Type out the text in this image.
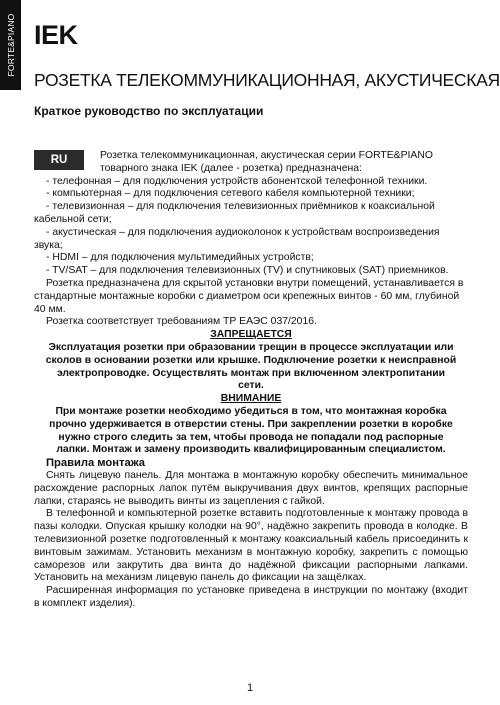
FORTE&PIANO IEK
РОЗЕТКА ТЕЛЕКОММУНИКАЦИОННАЯ, АКУСТИЧЕСКАЯ
Краткое руководство по эксплуатации
RU	Розетка телекоммуникационная, акустическая серии FORTE&PIANO товарного знака IEK (далее - розетка) предназначена:

- телефонная – для подключения устройств абонентской телефонной техники.

- компьютерная – для подключения сетевого кабеля компьютерной техники;

- телевизионная – для подключения телевизионных приёмников к коаксиальной кабельной сети;

- акустическая – для подключения аудиоколонок к устройствам воспроизведения звука;

- HDMI – для подключения мультимедийных устройств;

- TV/SAT – для подключения телевизионных (TV) и спутниковых (SAT) приемников.

Розетка предназначена для скрытой установки внутри помещений, устанавливается в стандартные монтажные коробки с диаметром оси крепежных винтов - 60 мм, глубиной 40 мм.

Розетка соответствует требованиям ТР ЕАЭС 037/2016.

ЗАПРЕЩАЕТСЯ

Эксплуатация розетки при образовании трещин в процессе эксплуатации или сколов в основании розетки или крышке. Подключение розетки к неисправной электропроводке. Осуществлять монтаж при включенном электропитании сети.

ВНИМАНИЕ

При монтаже розетки необходимо убедиться в том, что монтажная коробка прочно удерживается в отверстии стены. При закреплении розетки в коробке нужно строго следить за тем, чтобы провода не попадали под распорные лапки. Монтаж и замену производить квалифицированным специалистом.

Правила монтажа

Снять лицевую панель. Для монтажа в монтажную коробку обеспечить минимальное расхождение распорных лапок путём выкручивания двух винтов, крепящих распорные лапки, стараясь не выводить винты из зацепления с гайкой.

В телефонной и компьютерной розетке вставить подготовленные к монтажу провода в пазы колодки. Опуская крышку колодки на 90°, надёжно закрепить провода в колодке. В телевизионной розетке подготовленный к монтажу коаксиальный кабель присоединить к винтовым зажимам. Установить механизм в монтажную коробку, закрепить с помощью саморезов или закрутить два винта до надёжной фиксации распорными лапками. Установить на механизм лицевую панель до фиксации на защёлках.

Расширенная информация по установке приведена в инструкции по монтажу (входит в комплект изделия).

1
